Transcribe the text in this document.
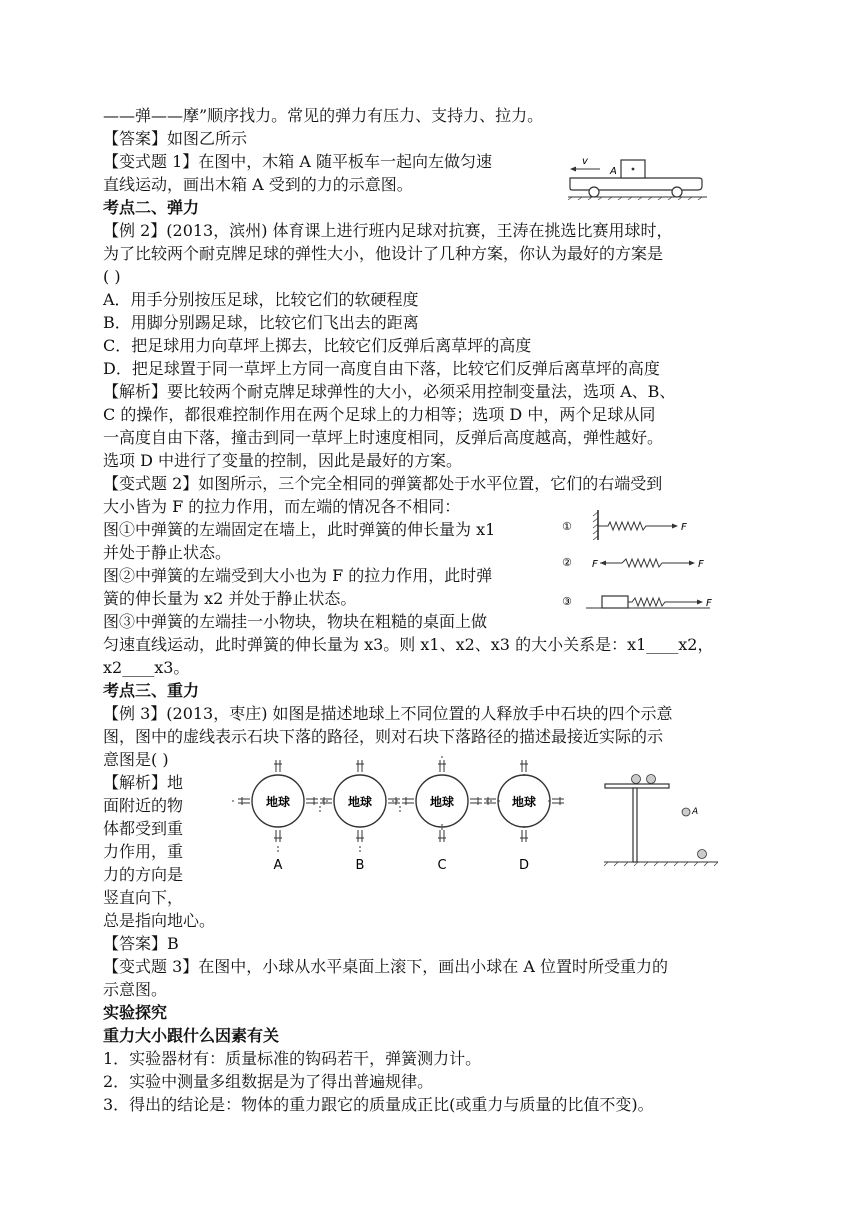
——弹——摩”顺序找力。常见的弹力有压力、支持力、拉力。
【答案】如图乙所示
【变式题 1】在图中，木箱 A 随平板车一起向左做匀速
直线运动，画出木箱 A 受到的力的示意图。
考点二、弹力
【例 2】(2013，滨州) 体育课上进行班内足球对抗赛，王涛在挑选比赛用球时，
为了比较两个耐克牌足球的弹性大小，他设计了几种方案，你认为最好的方案是
( )
A．用手分别按压足球，比较它们的软硬程度
B．用脚分别踢足球，比较它们飞出去的距离
C．把足球用力向草坪上掷去，比较它们反弹后离草坪的高度
D．把足球置于同一草坪上方同一高度自由下落，比较它们反弹后离草坪的高度
【解析】要比较两个耐克牌足球弹性的大小，必须采用控制变量法，选项 A、B、
C 的操作，都很难控制作用在两个足球上的力相等；选项 D 中，两个足球从同
一高度自由下落，撞击到同一草坪上时速度相同，反弹后高度越高，弹性越好。
选项 D 中进行了变量的控制，因此是最好的方案。
【变式题 2】如图所示，三个完全相同的弹簧都处于水平位置，它们的右端受到
大小皆为 F 的拉力作用，而左端的情况各不相同：
图①中弹簧的左端固定在墙上，此时弹簧的伸长量为 x1
并处于静止状态。
图②中弹簧的左端受到大小也为 F 的拉力作用，此时弹
簧的伸长量为 x2 并处于静止状态。
图③中弹簧的左端挂一小物块，物块在粗糙的桌面上做
匀速直线运动，此时弹簧的伸长量为 x3。则 x1、x2、x3 的大小关系是：x1____x2，
x2____x3。
考点三、重力
【例 3】(2013，枣庄) 如图是描述地球上不同位置的人释放手中石块的四个示意
图，图中的虚线表示石块下落的路径，则对石块下落路径的描述最接近实际的示
意图是( )
【解析】地
面附近的物
体都受到重
力作用，重
力的方向是
竖直向下，
总是指向地心。
【答案】B
【变式题 3】在图中，小球从水平桌面上滚下，画出小球在 A 位置时所受重力的
示意图。
实验探究
重力大小跟什么因素有关
1．实验器材有：质量标准的钩码若干，弹簧测力计。
2．实验中测量多组数据是为了得出普遍规律。
3．得出的结论是：物体的重力跟它的质量成正比(或重力与质量的比值不变)。
A
v
①
②
③
F
F	F
F
地球
A
地球
B
地球
C
地球
D
A
